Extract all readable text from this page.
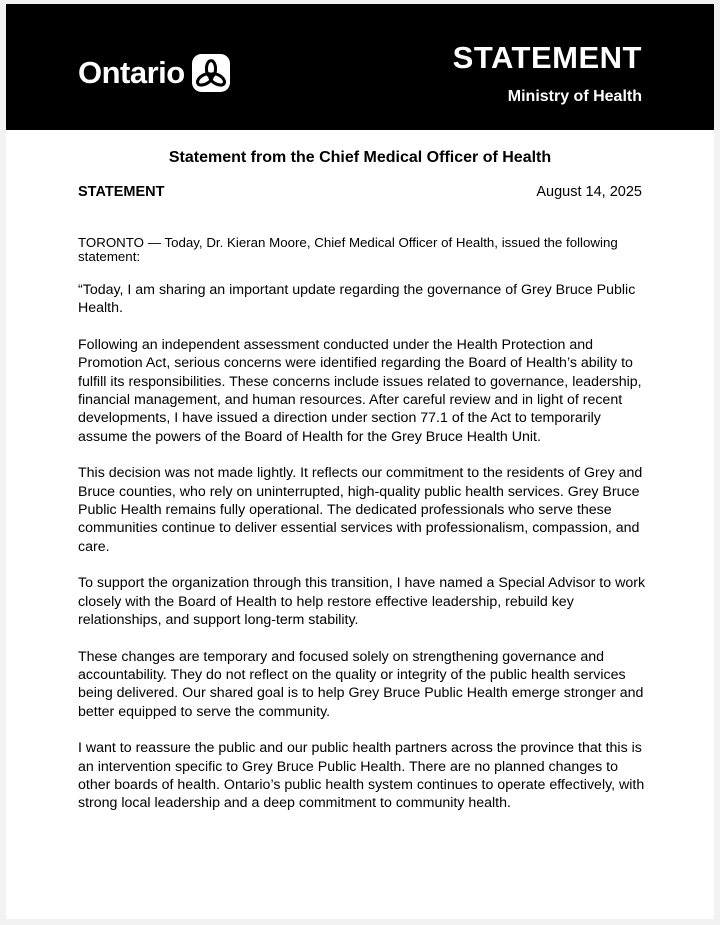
Ontario	STATEMENT
Ministry of Health
Statement from the Chief Medical Officer of Health
STATEMENT	August 14, 2025
TORONTO — Today, Dr. Kieran Moore, Chief Medical Officer of Health, issued the following statement:

“Today, I am sharing an important update regarding the governance of Grey Bruce Public Health.

Following an independent assessment conducted under the Health Protection and Promotion Act, serious concerns were identified regarding the Board of Health’s ability to fulfill its responsibilities. These concerns include issues related to governance, leadership, financial management, and human resources. After careful review and in light of recent developments, I have issued a direction under section 77.1 of the Act to temporarily assume the powers of the Board of Health for the Grey Bruce Health Unit.

This decision was not made lightly. It reflects our commitment to the residents of Grey and Bruce counties, who rely on uninterrupted, high-quality public health services. Grey Bruce Public Health remains fully operational. The dedicated professionals who serve these communities continue to deliver essential services with professionalism, compassion, and care.

To support the organization through this transition, I have named a Special Advisor to work closely with the Board of Health to help restore effective leadership, rebuild key relationships, and support long-term stability.

These changes are temporary and focused solely on strengthening governance and accountability. They do not reflect on the quality or integrity of the public health services being delivered. Our shared goal is to help Grey Bruce Public Health emerge stronger and better equipped to serve the community.

I want to reassure the public and our public health partners across the province that this is an intervention specific to Grey Bruce Public Health. There are no planned changes to other boards of health. Ontario’s public health system continues to operate effectively, with strong local leadership and a deep commitment to community health.
